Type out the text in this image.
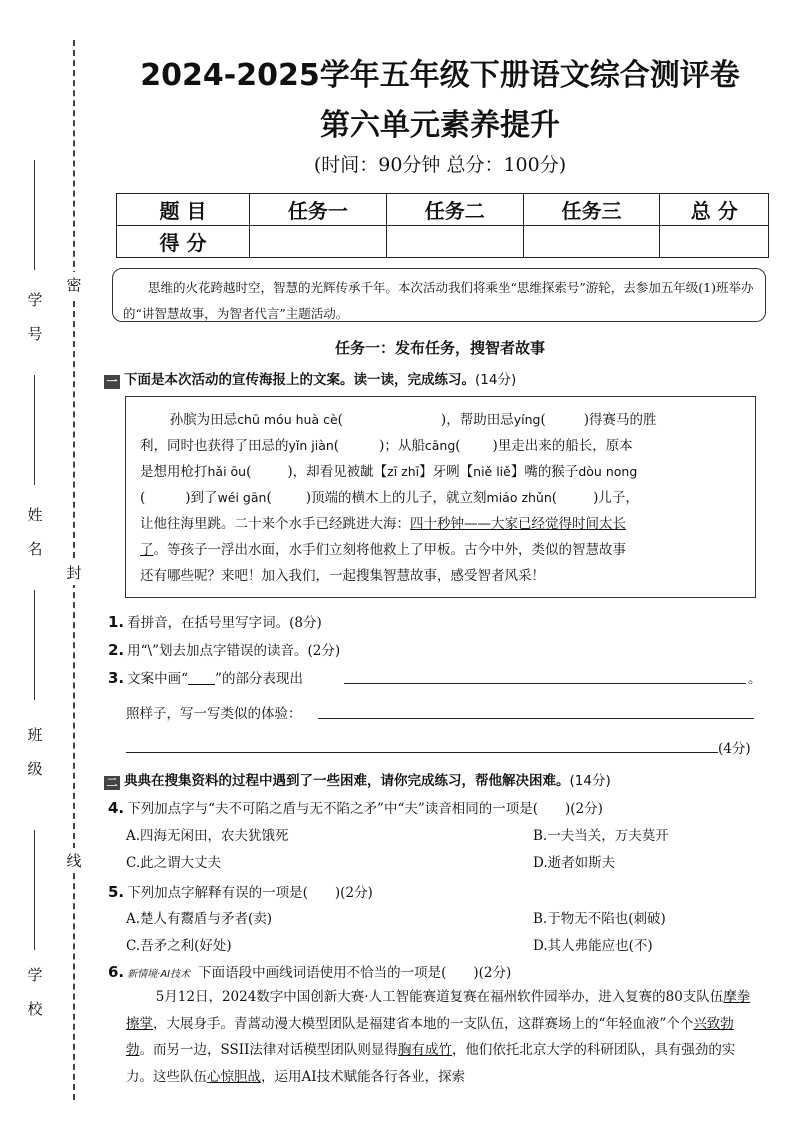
密
封
线
学
号
姓
名
班
级
学
校
2024-2025学年五年级下册语文综合测评卷
第六单元素养提升
(时间：90分钟 总分：100分)
题 目	任务一	任务二	任务三	总 分
得 分				
思维的火花跨越时空，智慧的光辉传承千年。本次活动我们将乘坐“思维探索号”游轮，去参加五年级(1)班举办的“讲智慧故事，为智者代言”主题活动。
任务一：发布任务，搜智者故事
一 下面是本次活动的宣传海报上的文案。读一读，完成练习。(14分)
孙膑为田忌chū móu huà cè(	)，帮助田忌yíng(	)得赛马的胜
利，同时也获得了田忌的yǐn jiàn(	)；从船cāng( )里走出来的船长，原本
是想用枪打hǎi ōu(	)，却看见被龇【zī zhī】牙咧【niě liě】嘴的猴子dòu nong
(	)到了wéi gān(	)顶端的横木上的儿子，就立刻miáo zhǔn(	)儿子，
让他往海里跳。二十来个水手已经跳进大海：四十秒钟——大家已经觉得时间太长
了。等孩子一浮出水面，水手们立刻将他救上了甲板。古今中外，类似的智慧故事
还有哪些呢？来吧！加入我们，一起搜集智慧故事，感受智者风采！
1. 看拼音，在括号里写字词。(8分)
2. 用“\”划去加点字错误的读音。(2分)
3. 文案中画“　　 ”的部分表现出	。
照样子，写一写类似的体验：
(4分)
二 典典在搜集资料的过程中遇到了一些困难，请你完成练习，帮他解决困难。(14分)
4. 下列加点字与“夫不可陷之盾与无不陷之矛”中“夫”读音相同的一项是(　　)(2分)
A.四海无闲田，农夫犹饿死	B.一夫当关，万夫莫开
C.此之谓大丈夫	D.逝者如斯夫
5. 下列加点字解释有误的一项是(　　)(2分)
A.楚人有鬻盾与矛者(卖)	B.于物无不陷也(刺破)
C.吾矛之利(好处)	D.其人弗能应也(不)
6. 新情境·AI技术 下面语段中画线词语使用不恰当的一项是(　　)(2分)
5月12日，2024数字中国创新大赛·人工智能赛道复赛在福州软件园举办，进入复赛的80支队伍摩拳擦掌，大展身手。青蒿动漫大模型团队是福建省本地的一支队伍，这群赛场上的“年轻血液”个个兴致勃勃。而另一边，SSII法律对话模型团队则显得胸有成竹，他们依托北京大学的科研团队，具有强劲的实力。这些队伍心惊胆战，运用AI技术赋能各行各业，探索
